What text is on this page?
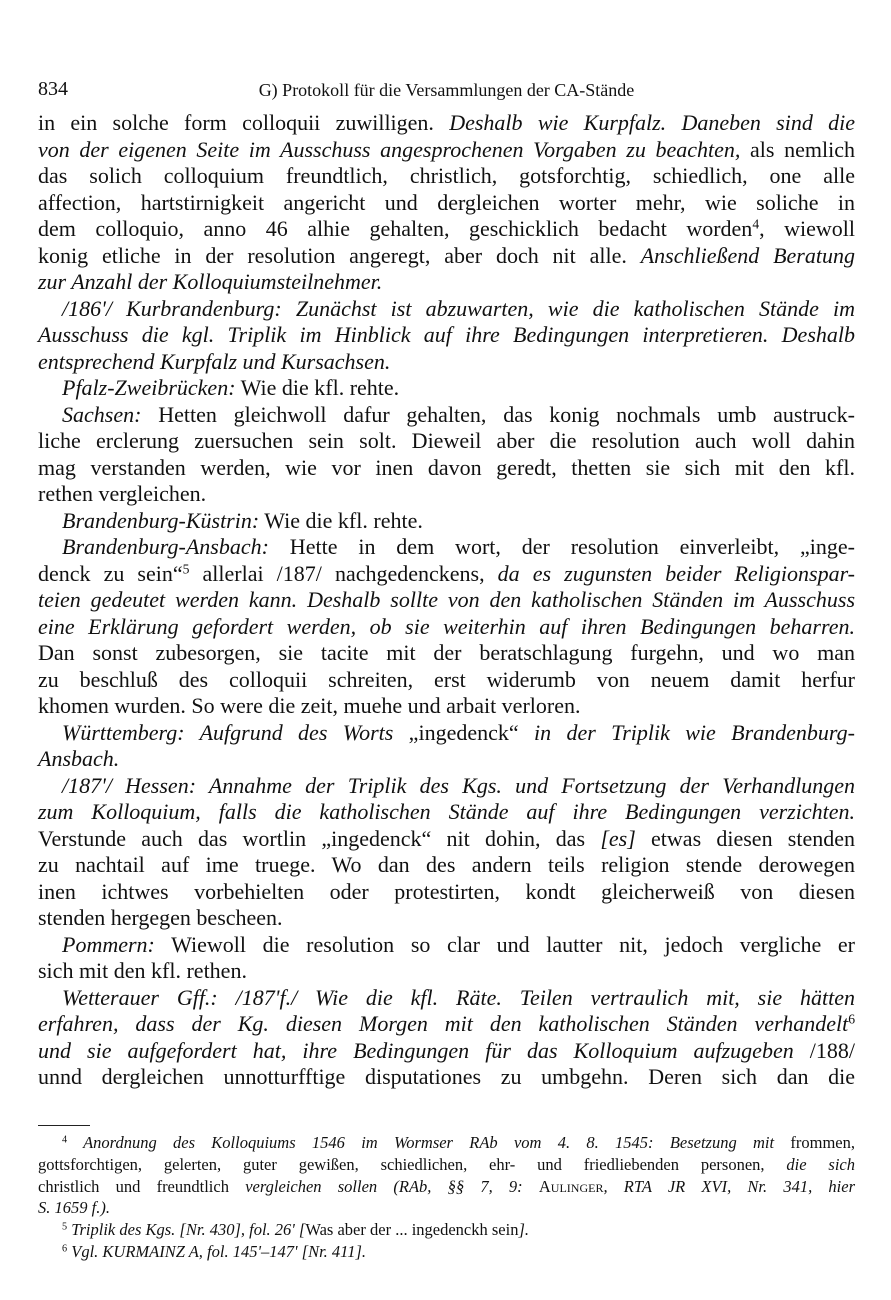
834	G) Protokoll für die Versammlungen der CA-Stände
in ein solche form colloquii zuwilligen. Deshalb wie Kurpfalz. Daneben sind die
von der eigenen Seite im Ausschuss angesprochenen Vorgaben zu beachten, als nemlich
das solich colloquium freundtlich, christlich, gotsforchtig, schiedlich, one alle
affection, hartstirnigkeit angericht und dergleichen worter mehr, wie soliche in
dem colloquio, anno 46 alhie gehalten, geschicklich bedacht worden$^4$, wiewoll
konig etliche in der resolution angeregt, aber doch nit alle. Anschließend Beratung
zur Anzahl der Kolloquiumsteilnehmer.
/186'/ Kurbrandenburg: Zunächst ist abzuwarten, wie die katholischen Stände im
Ausschuss die kgl. Triplik im Hinblick auf ihre Bedingungen interpretieren. Deshalb
entsprechend Kurpfalz und Kursachsen.
Pfalz-Zweibrücken: Wie die kfl. rehte.
Sachsen: Hetten gleichwoll dafur gehalten, das konig nochmals umb austruck-
liche erclerung zuersuchen sein solt. Dieweil aber die resolution auch woll dahin
mag verstanden werden, wie vor inen davon geredt, thetten sie sich mit den kfl.
rethen vergleichen.
Brandenburg-Küstrin: Wie die kfl. rehte.
Brandenburg-Ansbach: Hette in dem wort, der resolution einverleibt, „inge-
denck zu sein“$^5$ allerlai /187/ nachgedenckens, da es zugunsten beider Religionspar-
teien gedeutet werden kann. Deshalb sollte von den katholischen Ständen im Ausschuss
eine Erklärung gefordert werden, ob sie weiterhin auf ihren Bedingungen beharren.
Dan sonst zubesorgen, sie tacite mit der beratschlagung furgehn, und wo man
zu beschluß des colloquii schreiten, erst widerumb von neuem damit herfur
khomen wurden. So were die zeit, muehe und arbait verloren.
Württemberg: Aufgrund des Worts „ingedenck“ in der Triplik wie Brandenburg-
Ansbach.
/187'/ Hessen: Annahme der Triplik des Kgs. und Fortsetzung der Verhandlungen
zum Kolloquium, falls die katholischen Stände auf ihre Bedingungen verzichten.
Verstunde auch das wortlin „ingedenck“ nit dohin, das [es] etwas diesen stenden
zu nachtail auf ime truege. Wo dan des andern teils religion stende derowegen
inen ichtwes vorbehielten oder protestirten, kondt gleicherweiß von diesen
stenden hergegen bescheen.
Pommern: Wiewoll die resolution so clar und lautter nit, jedoch vergliche er
sich mit den kfl. rethen.
Wetterauer Gff.: /187'f./ Wie die kfl. Räte. Teilen vertraulich mit, sie hätten
erfahren, dass der Kg. diesen Morgen mit den katholischen Ständen verhandelt$^6$
und sie aufgefordert hat, ihre Bedingungen für das Kolloquium aufzugeben /188/
unnd dergleichen unnotturfftige disputationes zu umbgehn. Deren sich dan die
$^4$ Anordnung des Kolloquiums 1546 im Wormser RAb vom 4. 8. 1545: Besetzung mit frommen,
gottsforchtigen, gelerten, guter gewißen, schiedlichen, ehr- und friedliebenden personen, die sich
christlich und freundtlich vergleichen sollen (RAb, §§ 7, 9: Aulinger, RTA JR XVI, Nr. 341, hier
S. 1659 f.).
$^5$ Triplik des Kgs. [Nr. 430], fol. 26' [Was aber der ... ingedenckh sein].
$^6$ Vgl. KURMAINZ A, fol. 145'–147' [Nr. 411].
